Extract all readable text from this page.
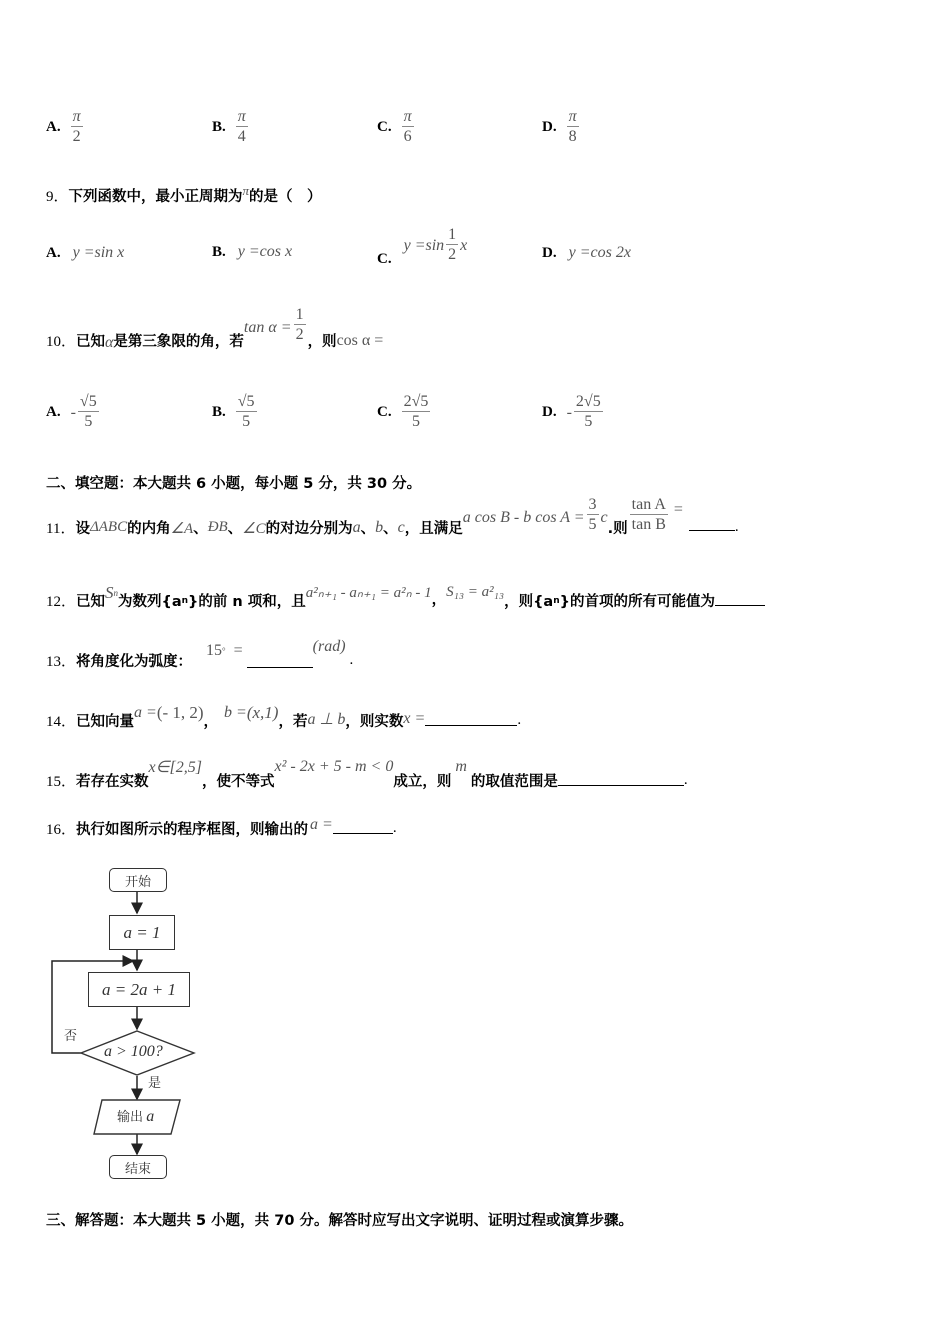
A. $\frac{\pi}{2}$	B. $\frac{\pi}{4}$	C. $\frac{\pi}{6}$	D. $\frac{\pi}{8}$
9． 下列函数中，最小正周期为 π 的是（　）
A. y =sin x	B. y =cos x	C.
$y =\sin \frac{1}{2}$ x	D. y =cos 2x
10． 已知 α 是第三象限的角，若
$\tan \alpha = \frac{1}{2}$ ，则 cos α =
A. - $\frac{√5}{5}$	B. $\frac{√5}{5}$	C. $\frac{2√5}{5}$	D. - $\frac{2√5}{5}$
二、填空题：本大题共 6 小题，每小题 5 分，共 30 分。
11． 设 ΔABC 的内角 ∠A 、 ÐB 、 ∠C 的对边分别为 a 、 b 、 c ，且满足
a cos B - b $\cos A = \frac{3}{5}$ c
.则 $\frac{\text{tan A}}{\text{tan B}}$ =
.
12． 已知
S n
为数列{$a_n$ }的前 n 项和，且
a²ₙ₊₁ - aₙ₊₁ = a²ₙ - 1 ， S₁₃ = a²₁₃
，则{$a_n$ }的首项的所有可能值为
13． 将角度化为弧度：
15 ° =	(rad)
.
14． 已知向量
a = (- 1, 2)
，
b = (x,1)
，若 a ⊥ b ，则实数 x =	.
15． 若存在实数
x∈[2,5]
，使不等式
x² - 2x + 5 - m < 0
成立，则
m
的取值范围是	.
16． 执行如图所示的程序框图，则输出的 a =	.
开始
a = 1
a = 2a + 1
a > 100?
否
是
输出 a
结束
三、解答题：本大题共 5 小题，共 70 分。解答时应写出文字说明、证明过程或演算步骤。
